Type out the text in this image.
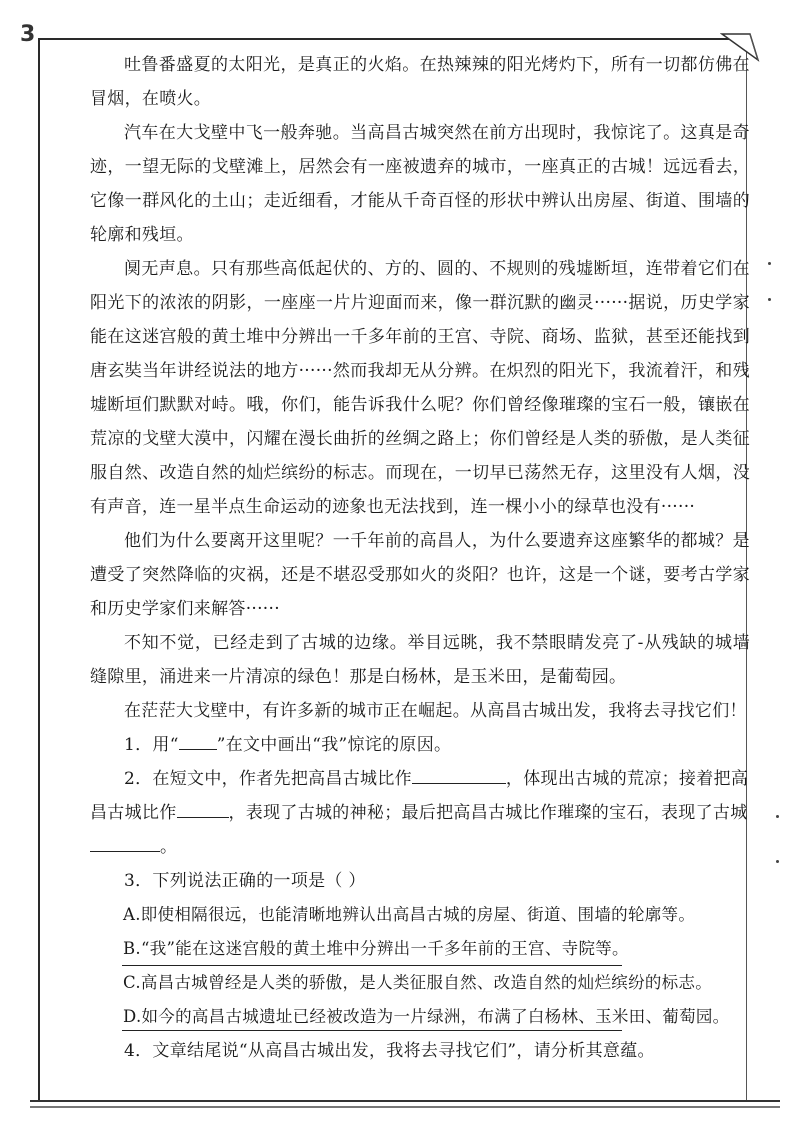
3

吐鲁番盛夏的太阳光，是真正的火焰。在热辣辣的阳光烤灼下，所有一切都仿佛在冒烟，在喷火。

汽车在大戈壁中飞一般奔驰。当高昌古城突然在前方出现时，我惊诧了。这真是奇迹，一望无际的戈壁滩上，居然会有一座被遗弃的城市，一座真正的古城！远远看去，它像一群风化的土山；走近细看，才能从千奇百怪的形状中辨认出房屋、街道、围墙的轮廓和残垣。

阒无声息。只有那些高低起伏的、方的、圆的、不规则的残墟断垣，连带着它们在阳光下的浓浓的阴影，一座座一片片迎面而来，像一群沉默的幽灵······据说，历史学家能在这迷宫般的黄土堆中分辨出一千多年前的王宫、寺院、商场、监狱，甚至还能找到唐玄奘当年讲经说法的地方······然而我却无从分辨。在炽烈的阳光下，我流着汗，和残墟断垣们默默对峙。哦，你们，能告诉我什么呢？你们曾经像璀璨的宝石一般，镶嵌在荒凉的戈壁大漠中，闪耀在漫长曲折的丝绸之路上；你们曾经是人类的骄傲，是人类征服自然、改造自然的灿烂缤纷的标志。而现在，一切早已荡然无存，这里没有人烟，没有声音，连一星半点生命运动的迹象也无法找到，连一棵小小的绿草也没有······

他们为什么要离开这里呢？一千年前的高昌人，为什么要遗弃这座繁华的都城？是遭受了突然降临的灾祸，还是不堪忍受那如火的炎阳？也许，这是一个谜，要考古学家和历史学家们来解答······

不知不觉，已经走到了古城的边缘。举目远眺，我不禁眼睛发亮了-从残缺的城墙缝隙里，涌进来一片清凉的绿色！那是白杨林，是玉米田，是葡萄园。

在茫茫大戈壁中，有许多新的城市正在崛起。从高昌古城出发，我将去寻找它们！

1．用“ ”在文中画出“我”惊诧的原因。

2．在短文中，作者先把高昌古城比作	，体现出古城的荒凉；接着把高昌古城比作	，表现了古城的神秘；最后把高昌古城比作璀璨的宝石，表现了古城。

3．下列说法正确的一项是（ ）

A.即使相隔很远，也能清晰地辨认出高昌古城的房屋、街道、围墙的轮廓等。

B.“我”能在这迷宫般的黄土堆中分辨出一千多年前的王宫、寺院等。

C.高昌古城曾经是人类的骄傲，是人类征服自然、改造自然的灿烂缤纷的标志。

D.如今的高昌古城遗址已经被改造为一片绿洲，布满了白杨林、玉米田、葡萄园。

4．文章结尾说“从高昌古城出发，我将去寻找它们”，请分析其意蕴。
